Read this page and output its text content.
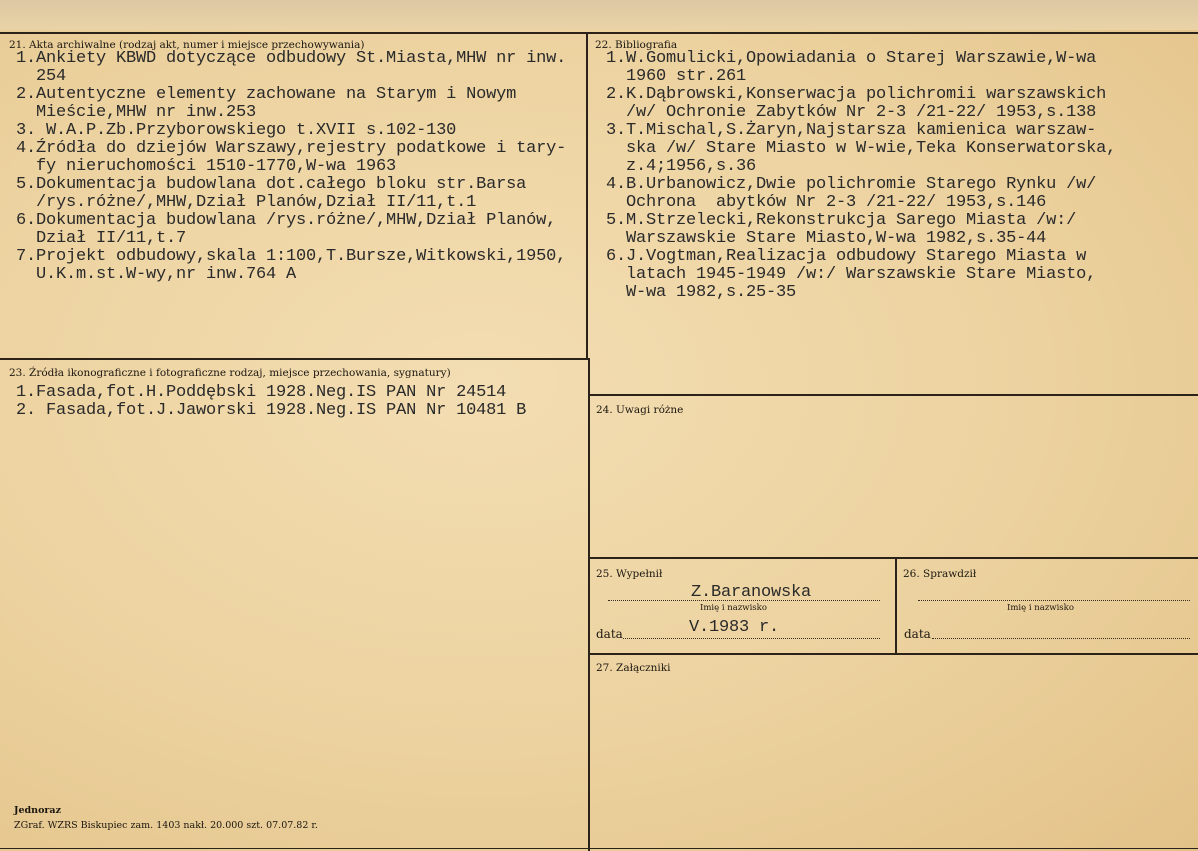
21. Akta archiwalne (rodzaj akt, numer i miejsce przechowywania)
1.Ankiety KBWD dotyczące odbudowy St.Miasta,MHW nr inw.
254
2.Autentyczne elementy zachowane na Starym i Nowym
Mieście,MHW nr inw.253
3. W.A.P.Zb.Przyborowskiego t.XVII s.102-130
4.Źródła do dziejów Warszawy,rejestry podatkowe i tary-
fy nieruchomości 1510-1770,W-wa 1963
5.Dokumentacja budowlana dot.całego bloku str.Barsa
/rys.różne/,MHW,Dział Planów,Dział II/11,t.1
6.Dokumentacja budowlana /rys.różne/,MHW,Dział Planów,
Dział II/11,t.7
7.Projekt odbudowy,skala 1:100,T.Bursze,Witkowski,1950,
U.K.m.st.W-wy,nr inw.764 A
22. Bibliografia
1.W.Gomulicki,Opowiadania o Starej Warszawie,W-wa
1960 str.261
2.K.Dąbrowski,Konserwacja polichromii warszawskich
/w/ Ochronie Zabytków Nr 2-3 /21-22/ 1953,s.138
3.T.Mischal,S.Żaryn,Najstarsza kamienica warszaw-
ska /w/ Stare Miasto w W-wie,Teka Konserwatorska,
z.4;1956,s.36
4.B.Urbanowicz,Dwie polichromie Starego Rynku /w/
Ochrona  abytków Nr 2-3 /21-22/ 1953,s.146
5.M.Strzelecki,Rekonstrukcja Sarego Miasta /w:/
Warszawskie Stare Miasto,W-wa 1982,s.35-44
6.J.Vogtman,Realizacja odbudowy Starego Miasta w
latach 1945-1949 /w:/ Warszawskie Stare Miasto,
W-wa 1982,s.25-35
23. Źródła ikonograficzne i fotograficzne rodzaj, miejsce przechowania, sygnatury)
1.Fasada,fot.H.Poddębski 1928.Neg.IS PAN Nr 24514
2. Fasada,fot.J.Jaworski 1928.Neg.IS PAN Nr 10481 B	24. Uwagi różne
25. Wypełnił
Z.Baranowska
Imię i nazwisko
data	V.1983 r.
26. Sprawdził
Imię i nazwisko
data
27. Załączniki
Jednoraz
ZGraf. WZRS Biskupiec zam. 1403 nakł. 20.000 szt. 07.07.82 r.
